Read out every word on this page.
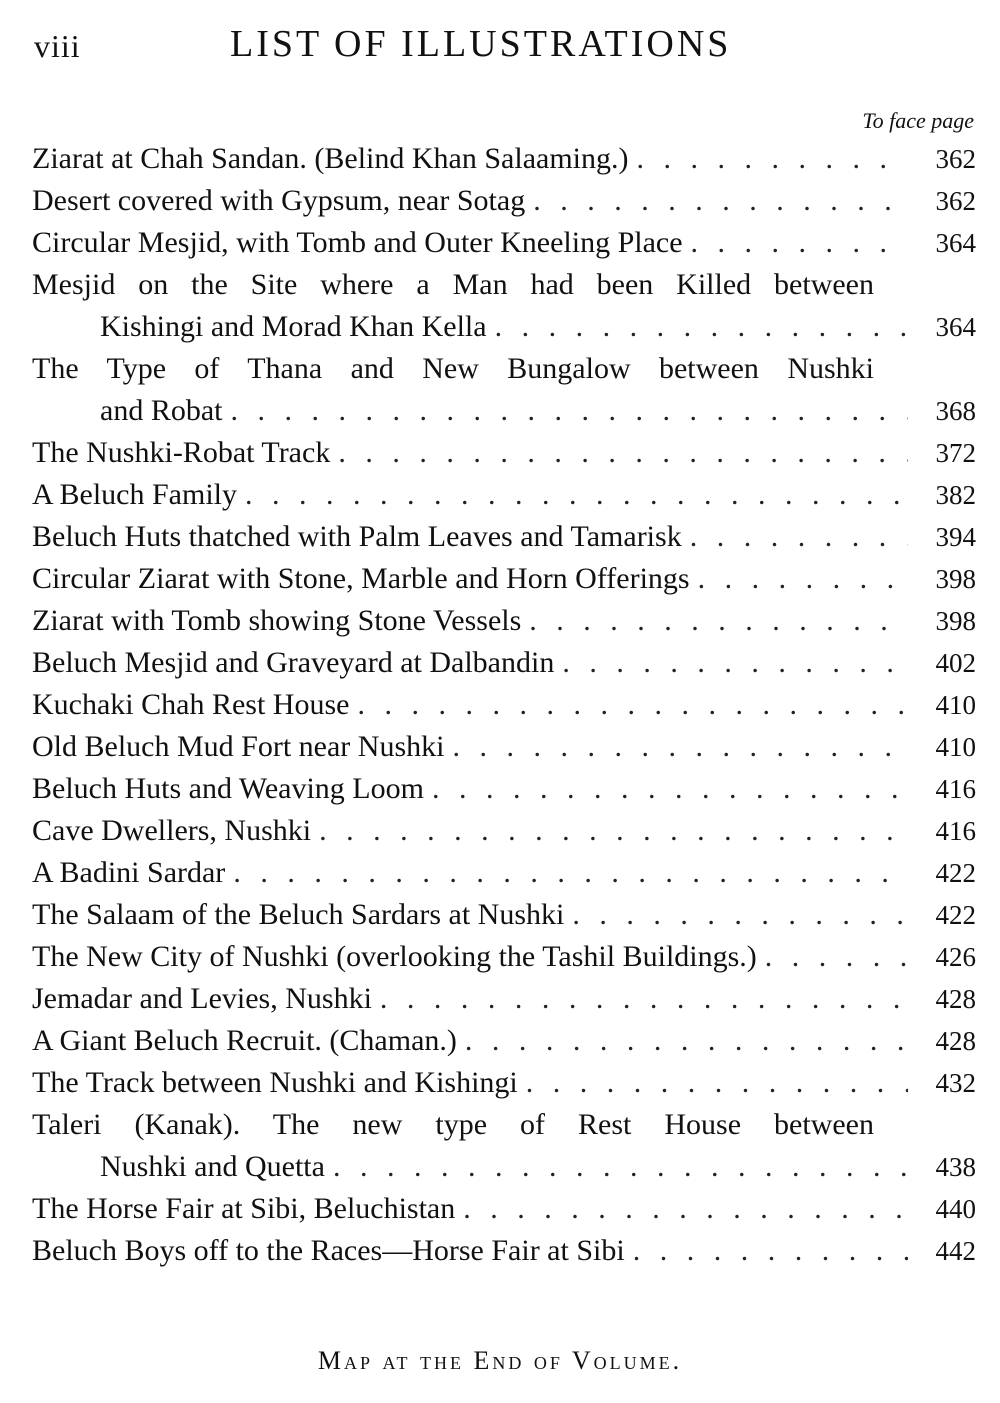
viii	LIST OF ILLUSTRATIONS
To face page
Ziarat at Chah Sandan. (Belind Khan Salaaming.) . . .	362
Desert covered with Gypsum, near Sotag . . .	362
Circular Mesjid, with Tomb and Outer Kneeling Place . . .	364
Mesjid on the Site where a Man had been Killed between
Kishingi and Morad Khan Kella . . .	364
The Type of Thana and New Bungalow between Nushki
and Robat . . .	368
The Nushki-Robat Track . . .	372
A Beluch Family . . .	382
Beluch Huts thatched with Palm Leaves and Tamarisk . . .	394
Circular Ziarat with Stone, Marble and Horn Offerings . . .	398
Ziarat with Tomb showing Stone Vessels . . .	398
Beluch Mesjid and Graveyard at Dalbandin . . .	402
Kuchaki Chah Rest House . . .	410
Old Beluch Mud Fort near Nushki . . .	410
Beluch Huts and Weaving Loom . . .	416
Cave Dwellers, Nushki . . .	416
A Badini Sardar . . .	422
The Salaam of the Beluch Sardars at Nushki . . .	422
The New City of Nushki (overlooking the Tashil Buildings.) . . .	426
Jemadar and Levies, Nushki . . .	428
A Giant Beluch Recruit. (Chaman.) . . .	428
The Track between Nushki and Kishingi . . .	432
Taleri (Kanak). The new type of Rest House between
Nushki and Quetta . . .	438
The Horse Fair at Sibi, Beluchistan . . .	440
Beluch Boys off to the Races—Horse Fair at Sibi . . .	442
Map at the End of Volume.
